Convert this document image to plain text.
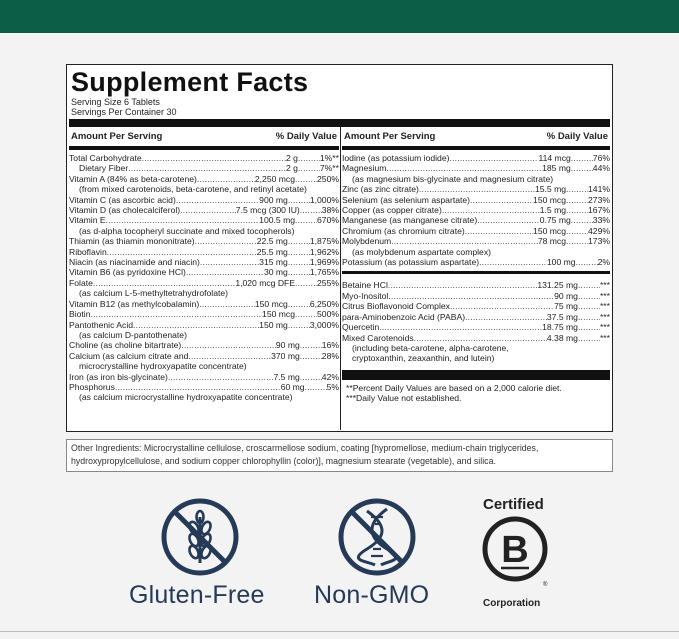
Supplement Facts
Serving Size 6 Tablets
Servings Per Container 30
Amount Per Serving	% Daily Value
Total Carbohydrate .....	2 g .....	1%**
Dietary Fiber .....	2 g .....	7%**
Vitamin A (84% as beta-carotene) .....	2,250 mcg .....	250%
(from mixed carotenoids, beta-carotene, and retinyl acetate)
Vitamin C (as ascorbic acid) .....	900 mg .....	1,000%
Vitamin D (as cholecalciferol) .....	7.5 mcg (300 IU) .....	38%
Vitamin E .....	100.5 mg .....	670%
(as d-alpha tocopheryl succinate and mixed tocopherols)
Thiamin (as thiamin mononitrate) .....	22.5 mg .....	1,875%
Riboflavin .....	25.5 mg .....	1,962%
Niacin (as niacinamide and niacin) .....	315 mg .....	1,969%
Vitamin B6 (as pyridoxine HCl) .....	30 mg .....	1,765%
Folate .....	1,020 mcg DFE .....	255%
(as calcium L-5-methyltetrahydrofolate)
Vitamin B12 (as methylcobalamin) .....	150 mcg .....	6,250%
Biotin .....	150 mcg .....	500%
Pantothenic Acid .....	150 mg .....	3,000%
(as calcium D-pantothenate)
Choline (as choline bitartrate) .....	90 mg .....	16%
Calcium (as calcium citrate and .....	370 mg .....	28%
microcrystalline hydroxyapatite concentrate)
Iron (as iron bis-glycinate) .....	7.5 mg .....	42%
Phosphorus .....	60 mg .....	5%
(as calcium microcrystalline hydroxyapatite concentrate)
Amount Per Serving	% Daily Value
Iodine (as potassium iodide) .....	114 mcg .....	76%
Magnesium .....	185 mg .....	44%
(as magnesium bis-glycinate and magnesium citrate)
Zinc (as zinc citrate) .....	15.5 mg .....	141%
Selenium (as selenium aspartate) .....	150 mcg .....	273%
Copper (as copper citrate) .....	1.5 mg .....	167%
Manganese (as manganese citrate) .....	0.75 mg .....	33%
Chromium (as chromium citrate) .....	150 mcg .....	429%
Molybdenum .....	78 mcg .....	173%
(as molybdenum aspartate complex)
Potassium (as potassium aspartate) .....	100 mg .....	2%
Betaine HCl .....	131.25 mg .....	***
Myo-Inositol .....	90 mg .....	***
Citrus Bioflavonoid Complex .....	75 mg .....	***
para-Aminobenzoic Acid (PABA) .....	37.5 mg .....	***
Quercetin .....	18.75 mg .....	***
Mixed Carotenoids .....	4.38 mg .....	***
(including beta-carotene, alpha-carotene,
cryptoxanthin, zeaxanthin, and lutein)
**Percent Daily Values are based on a 2,000 calorie diet.
***Daily Value not established.
Other Ingredients: Microcrystalline cellulose, croscarmellose sodium, coating [hypromellose, medium-chain triglycerides, hydroxypropylcellulose, and sodium copper chlorophyllin (color)], magnesium stearate (vegetable), and silica.
Gluten-Free Non-GMO
Certified
B
®
Corporation
